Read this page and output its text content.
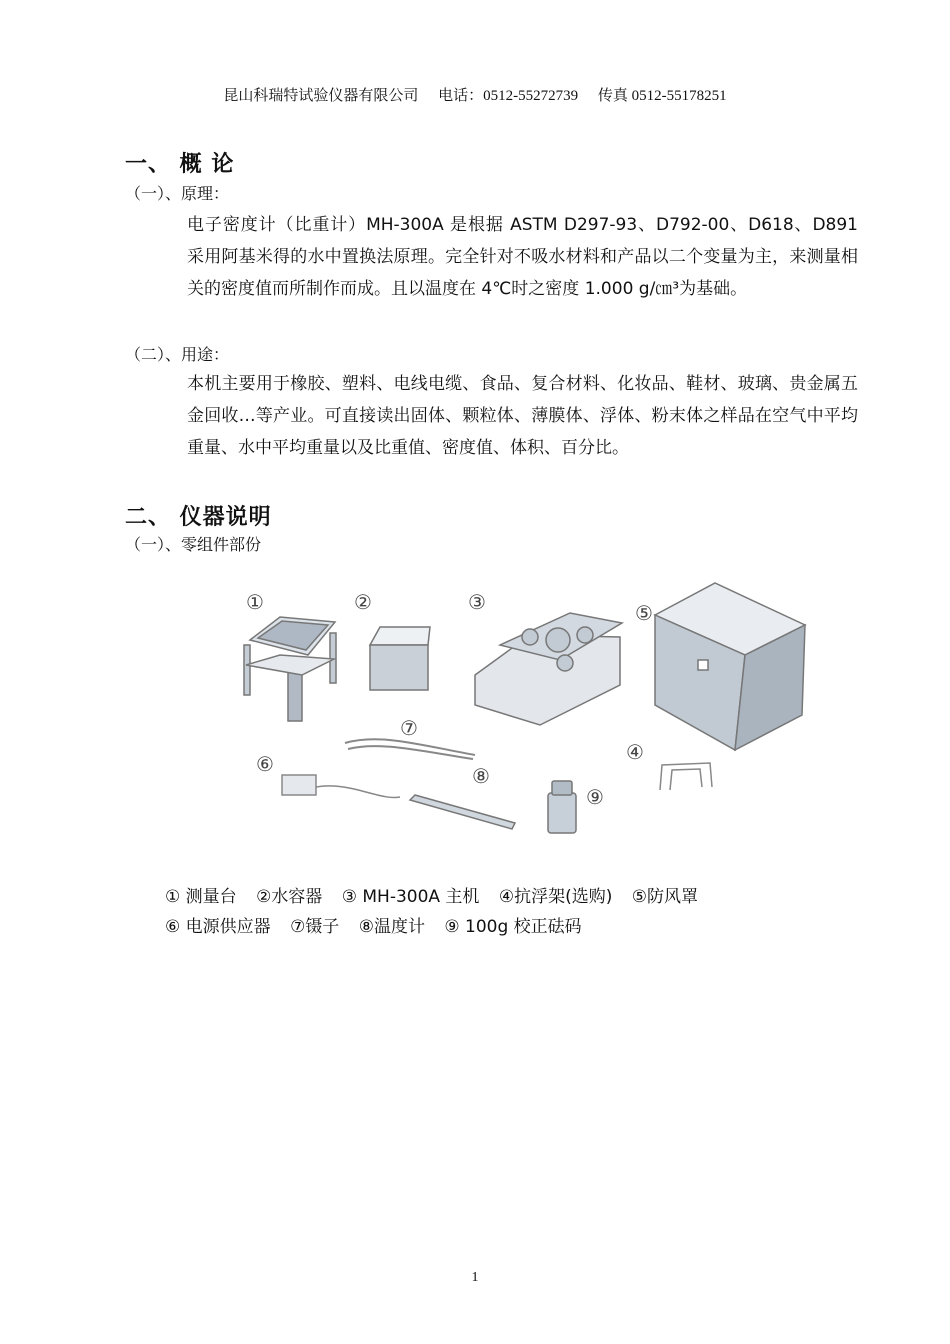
昆山科瑞特试验仪器有限公司 电话：0512-55272739 传真 0512-55178251
一、 概 论
（一）、原理：
电子密度计（比重计）MH-300A 是根据 ASTM D297-93、D792-00、D618、D891 采用阿基米得的水中置换法原理。完全针对不吸水材料和产品以二个变量为主，来测量相关的密度值而所制作而成。且以温度在 4℃时之密度 1.000 g/㎝³为基础。
（二）、用途：
本机主要用于橡胶、塑料、电线电缆、食品、复合材料、化妆品、鞋材、玻璃、贵金属五金回收…等产业。可直接读出固体、颗粒体、薄膜体、浮体、粉末体之样品在空气中平均重量、水中平均重量以及比重值、密度值、体积、百分比。
二、 仪器说明
（一）、零组件部份
①	②	③	⑤
⑦
⑥
⑧
④
⑨
① 测量台 ②水容器 ③ MH-300A 主机 ④抗浮架(选购) ⑤防风罩
⑥ 电源供应器 ⑦镊子 ⑧温度计 ⑨ 100g 校正砝码
1
